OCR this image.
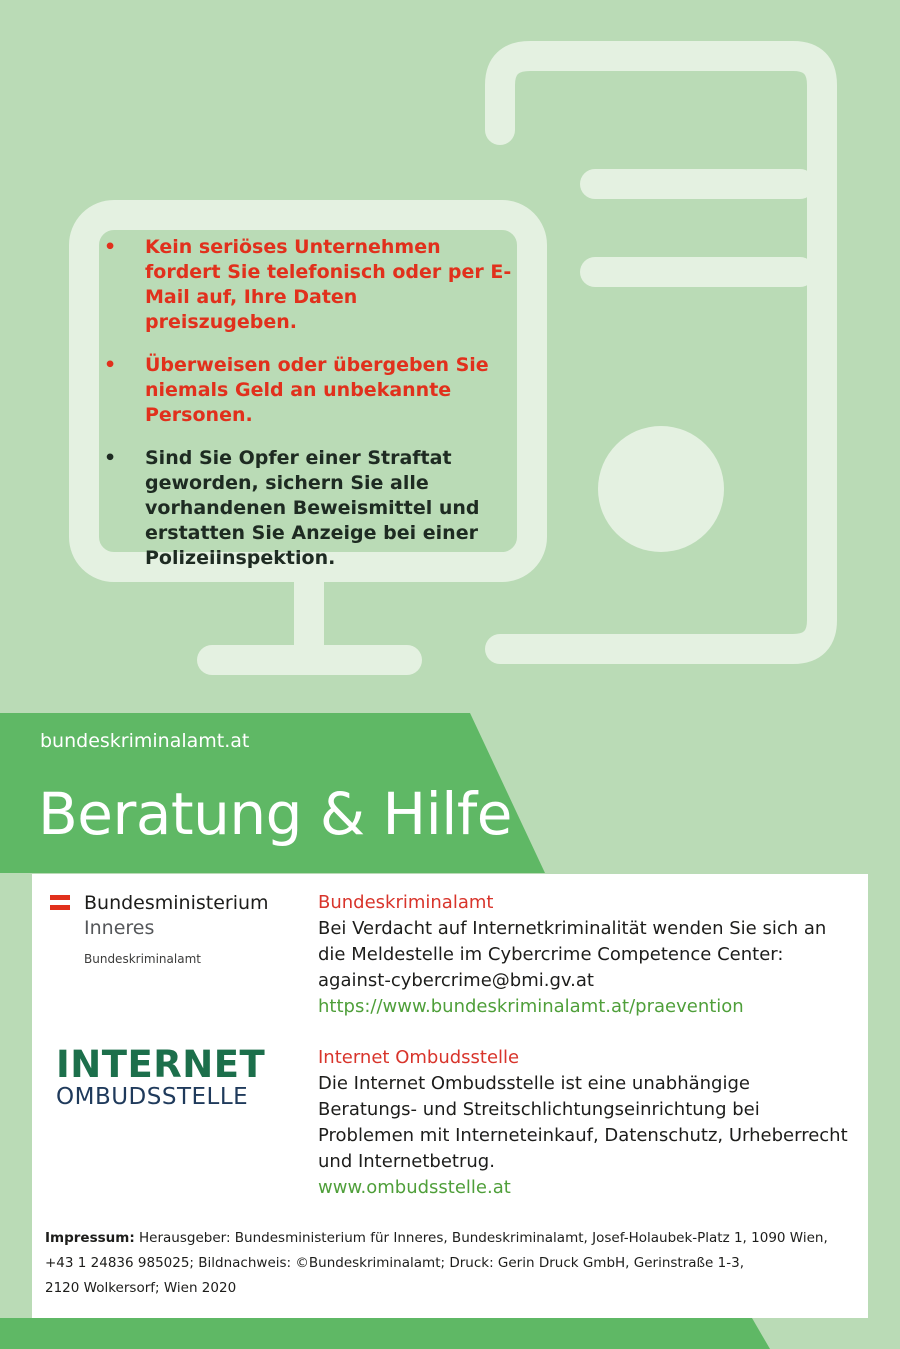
• Kein seriöses Unternehmen fordert Sie telefonisch oder per E-Mail auf, Ihre Daten preiszugeben.
• Überweisen oder übergeben Sie niemals Geld an unbekannte Personen.
• Sind Sie Opfer einer Straftat geworden, sichern Sie alle vorhandenen Beweismittel und erstatten Sie Anzeige bei einer Polizeiinspektion.
bundeskriminalamt.at
Beratung & Hilfe
Bundesministerium
Inneres
Bundeskriminalamt
INTERNET
OMBUDSSTELLE
Bundeskriminalamt
Bei Verdacht auf Internetkriminalität wenden Sie sich an
die Meldestelle im Cybercrime Competence Center:
against-cybercrime@bmi.gv.at
https://www.bundeskriminalamt.at/praevention
Internet Ombudsstelle
Die Internet Ombudsstelle ist eine unabhängige
Beratungs- und Streitschlichtungseinrichtung bei
Problemen mit Interneteinkauf, Datenschutz, Urheberrecht
und Internetbetrug.
www.ombudsstelle.at
Impressum: Herausgeber: Bundesministerium für Inneres, Bundeskriminalamt, Josef-Holaubek-Platz 1, 1090 Wien,
+43 1 24836 985025; Bildnachweis: ©Bundeskriminalamt; Druck: Gerin Druck GmbH, Gerinstraße 1-3,
2120 Wolkersorf; Wien 2020
